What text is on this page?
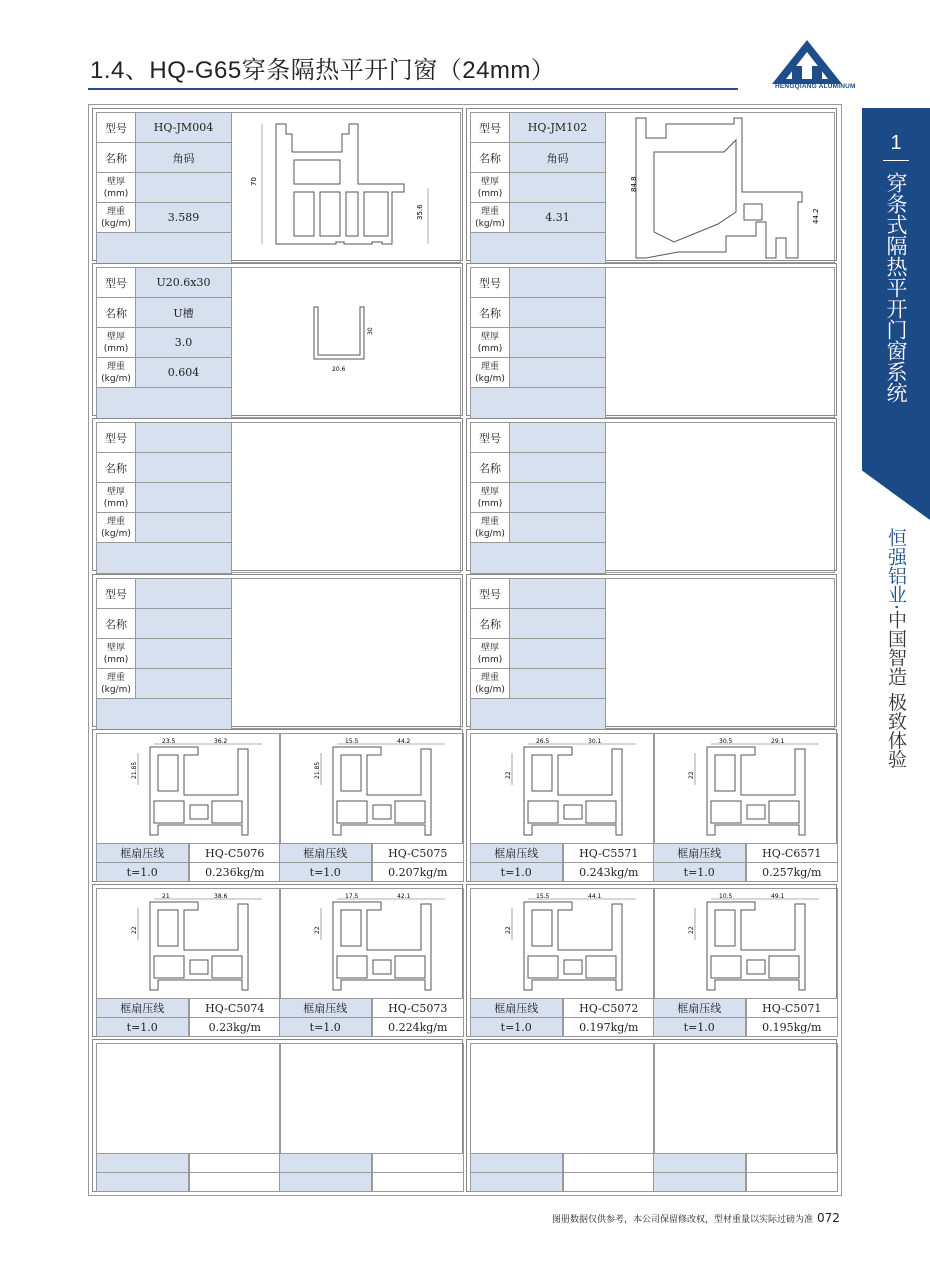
1.4、HQ-G65穿条隔热平开门窗（24mm）
HENGQIANG ALUMINUM
1
穿条式隔热平开门窗系统
恒强铝业
·
中国智造 极致体验
型号	HQ-JM004
名称	角码

壁厚
(mm)	

理重
(kg/m)	3.589

70
35.6
型号	HQ-JM102
名称	角码

壁厚
(mm)	

理重
(kg/m)	4.31

84.8
44.2
型号	U20.6x30
名称	U槽

壁厚
(mm)	3.0

理重
(kg/m)	0.604

30
20.6
型号	
名称	

壁厚
(mm)	

理重
(kg/m)	

型号	
名称	

壁厚
(mm)	

理重
(kg/m)	

型号	
名称	

壁厚
(mm)	

理重
(kg/m)	

型号	
名称	

壁厚
(mm)	

理重
(kg/m)	

型号	
名称	

壁厚
(mm)	

理重
(kg/m)	

23.5	36.2
21.85
框扇压线	HQ-C5076
t=1.0	0.236kg/m
15.5	44.2
21.85
框扇压线	HQ-C5075
t=1.0	0.207kg/m
26.5	30.1
22
框扇压线	HQ-C5571
t=1.0	0.243kg/m
30.5	29.1
22
框扇压线	HQ-C6571
t=1.0	0.257kg/m
21	38.6
22
框扇压线	HQ-C5074
t=1.0	0.23kg/m
17.5	42.1
22
框扇压线	HQ-C5073
t=1.0	0.224kg/m
15.5	44.1
22
框扇压线	HQ-C5072
t=1.0	0.197kg/m
10.5	49.1
22
框扇压线	HQ-C5071
t=1.0	0.195kg/m
图册数据仅供参考，本公司保留修改权，型材重量以实际过磅为准 072
